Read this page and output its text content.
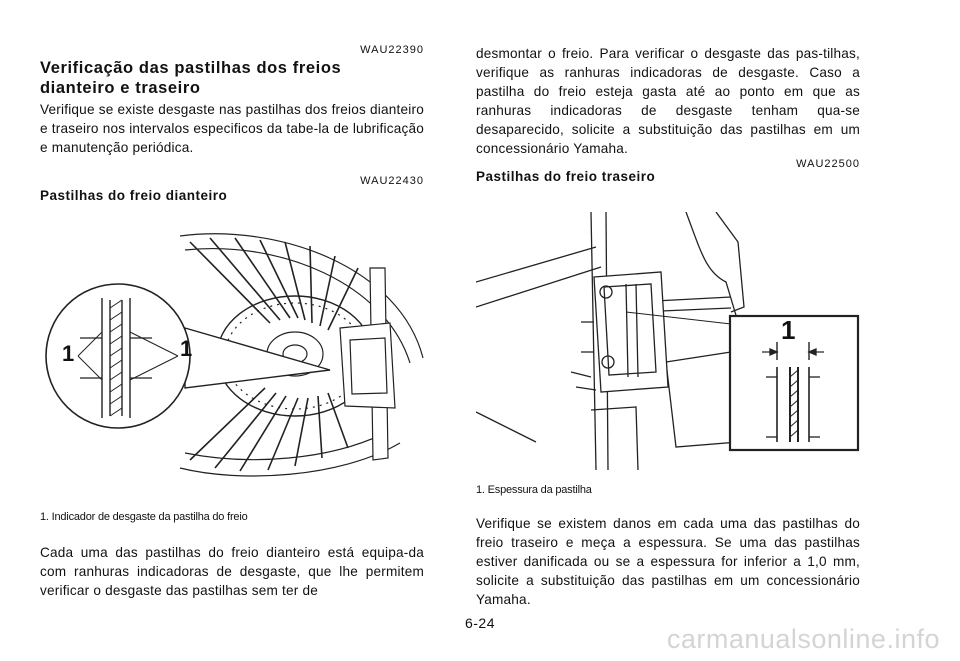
WAU22390
Verificação das pastilhas dos freios
dianteiro e traseiro
Verifique se existe desgaste nas pastilhas dos freios dianteiro e traseiro nos intervalos especificos da tabe-la de lubrificação e manutenção periódica.
WAU22430
Pastilhas do freio dianteiro
1	1
1. Indicador de desgaste da pastilha do freio
Cada uma das pastilhas do freio dianteiro está equipa-da com ranhuras indicadoras de desgaste, que lhe permitem verificar o desgaste das pastilhas sem ter de
desmontar o freio. Para verificar o desgaste das pas-tilhas, verifique as ranhuras indicadoras de desgaste. Caso a pastilha do freio esteja gasta até ao ponto em que as ranhuras indicadoras de desgaste tenham qua-se desaparecido, solicite a substituição das pastilhas em um concessionário Yamaha.
WAU22500
Pastilhas do freio traseiro
1
1. Espessura da pastilha
Verifique se existem danos em cada uma das pastilhas do freio traseiro e meça a espessura. Se uma das pastilhas estiver danificada ou se a espessura for inferior a 1,0 mm, solicite a substituição das pastilhas em um concessionário Yamaha.
6-24
carmanualsonline.info
